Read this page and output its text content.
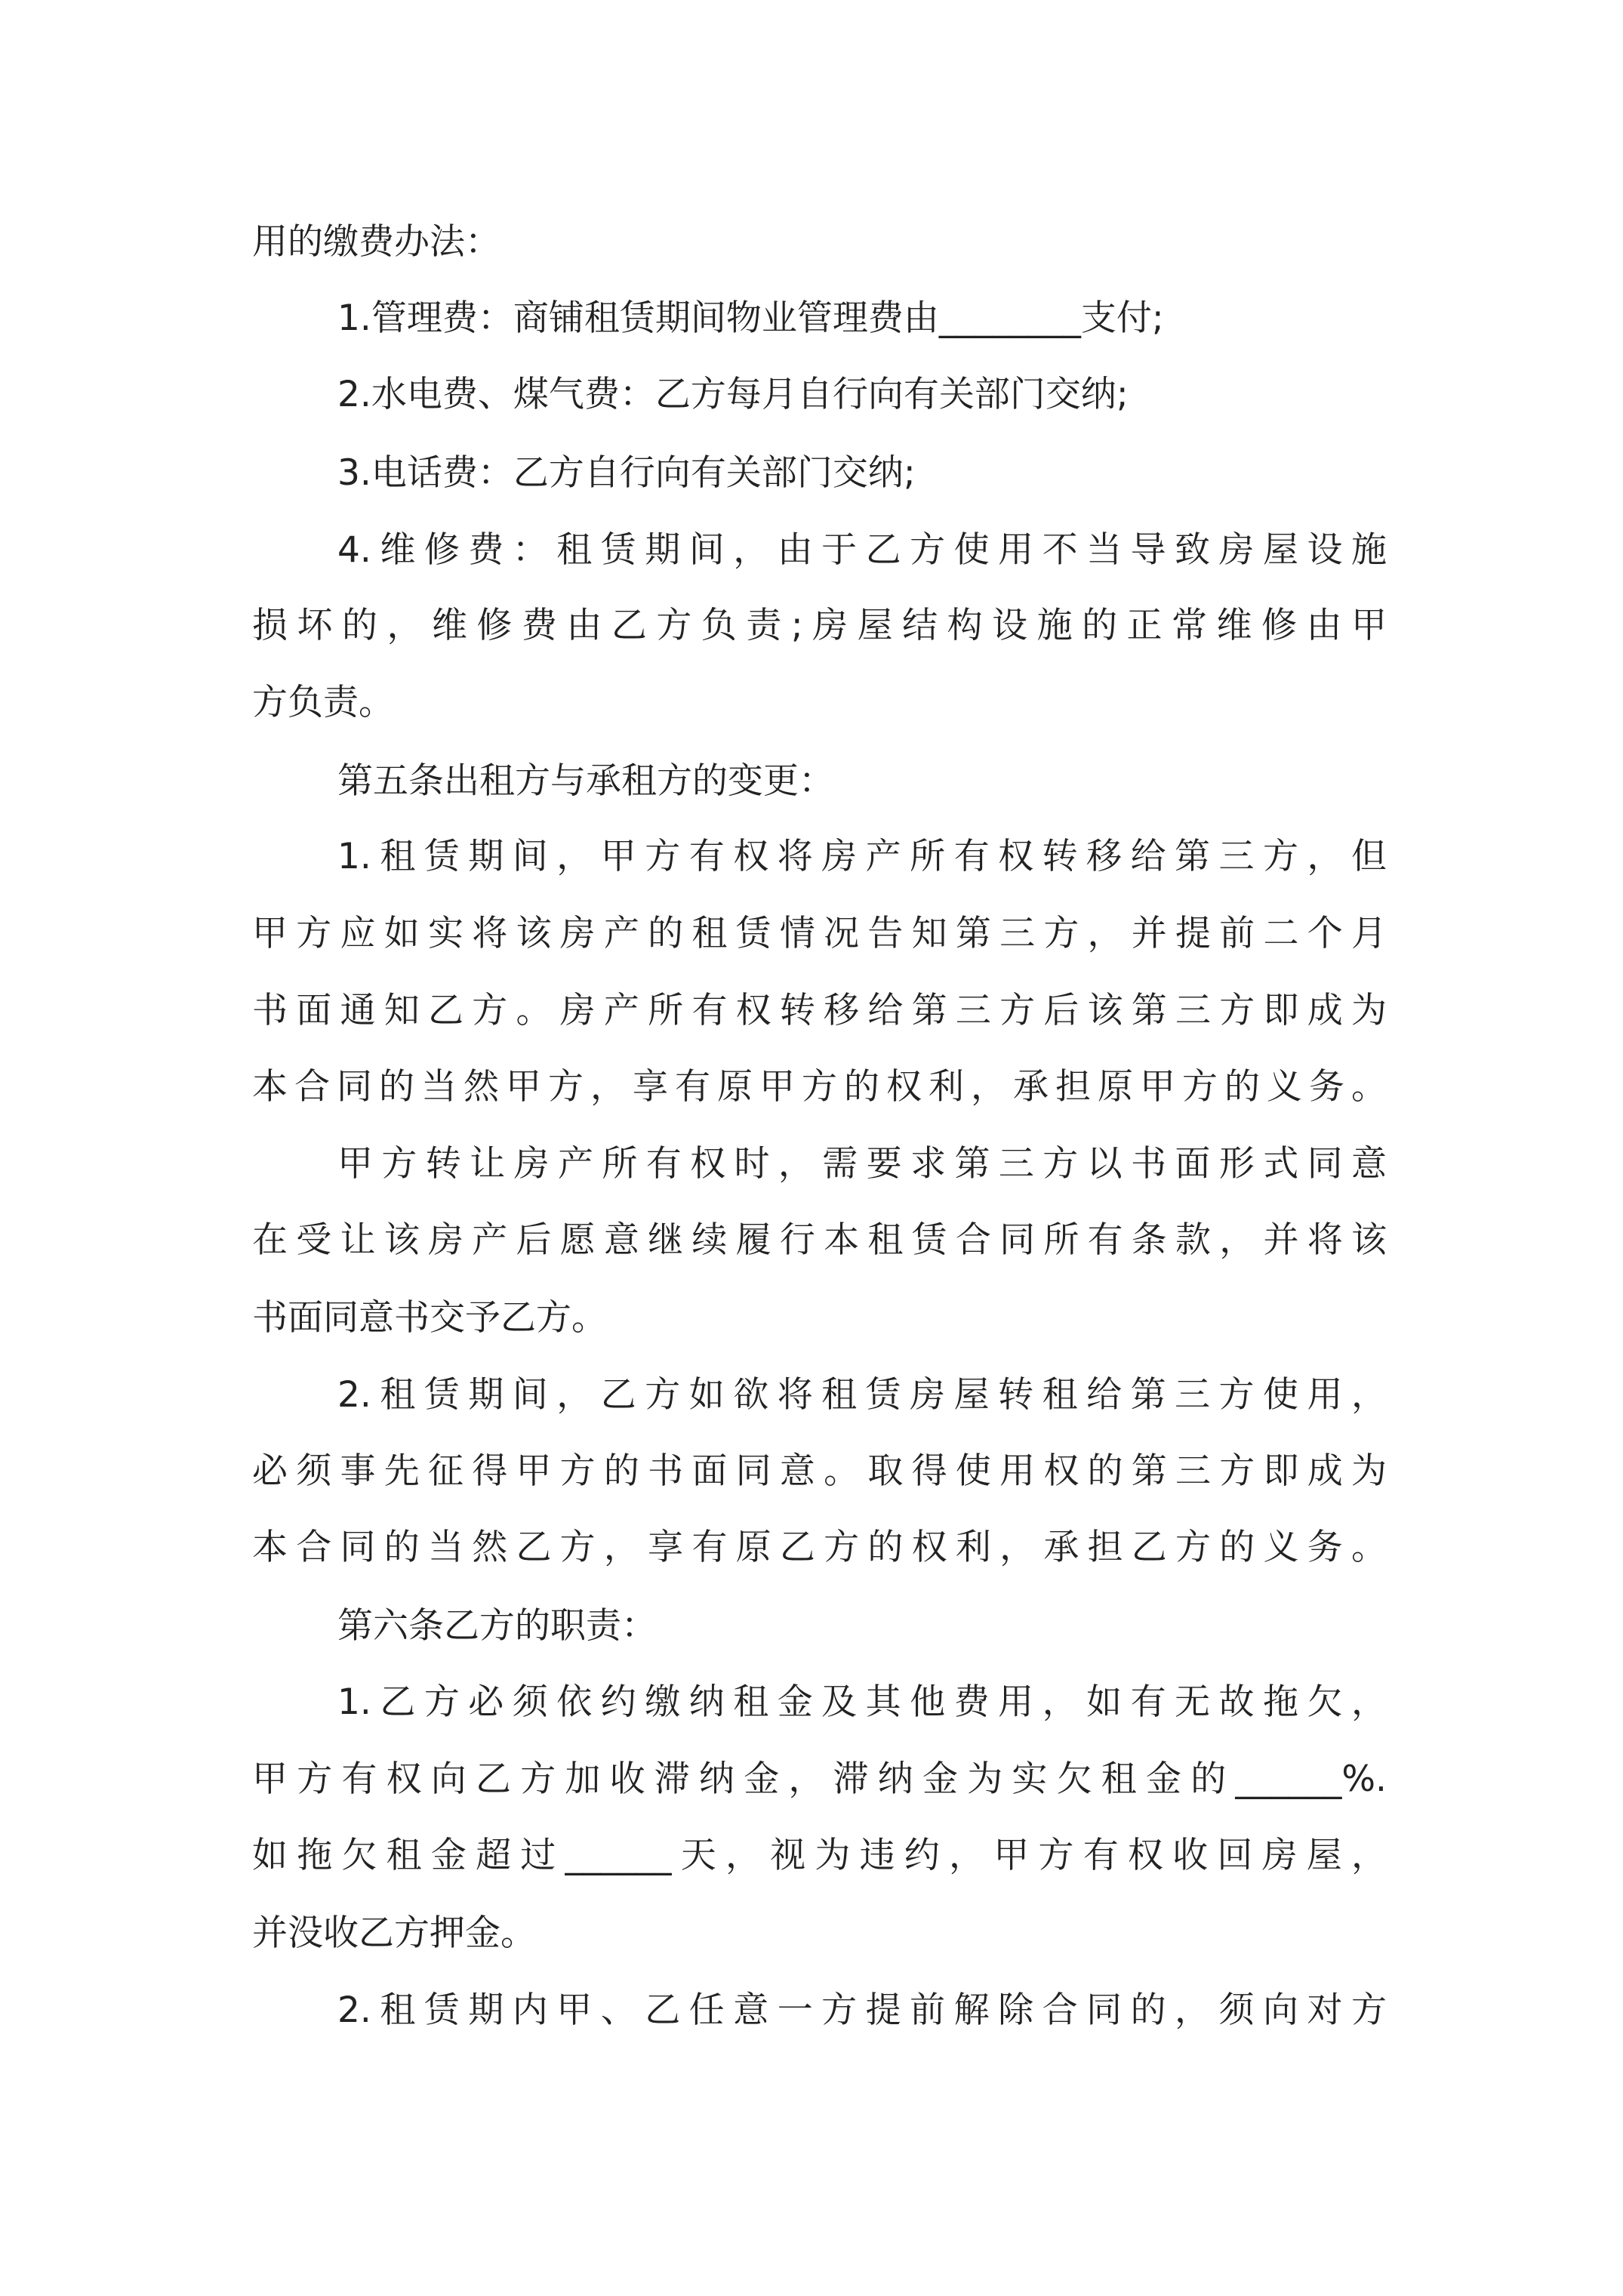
用的缴费办法：

1.管理费：商铺租赁期间物业管理费由________支付;

2.水电费、煤气费：乙方每月自行向有关部门交纳;

3.电话费：乙方自行向有关部门交纳;

4.维修费：租赁期间，由于乙方使用不当导致房屋设施

损坏的，维修费由乙方负责;房屋结构设施的正常维修由甲

方负责。

第五条出租方与承租方的变更：

1.租赁期间，甲方有权将房产所有权转移给第三方，但

甲方应如实将该房产的租赁情况告知第三方，并提前二个月

书面通知乙方。房产所有权转移给第三方后该第三方即成为

本合同的当然甲方，享有原甲方的权利，承担原甲方的义务。

甲方转让房产所有权时，需要求第三方以书面形式同意

在受让该房产后愿意继续履行本租赁合同所有条款，并将该

书面同意书交予乙方。

2.租赁期间，乙方如欲将租赁房屋转租给第三方使用，

必须事先征得甲方的书面同意。取得使用权的第三方即成为

本合同的当然乙方，享有原乙方的权利，承担乙方的义务。

第六条乙方的职责：

1.乙方必须依约缴纳租金及其他费用，如有无故拖欠，

甲方有权向乙方加收滞纳金，滞纳金为实欠租金的______%.

如拖欠租金超过______天，视为违约，甲方有权收回房屋，

并没收乙方押金。

2.租赁期内甲、乙任意一方提前解除合同的，须向对方
